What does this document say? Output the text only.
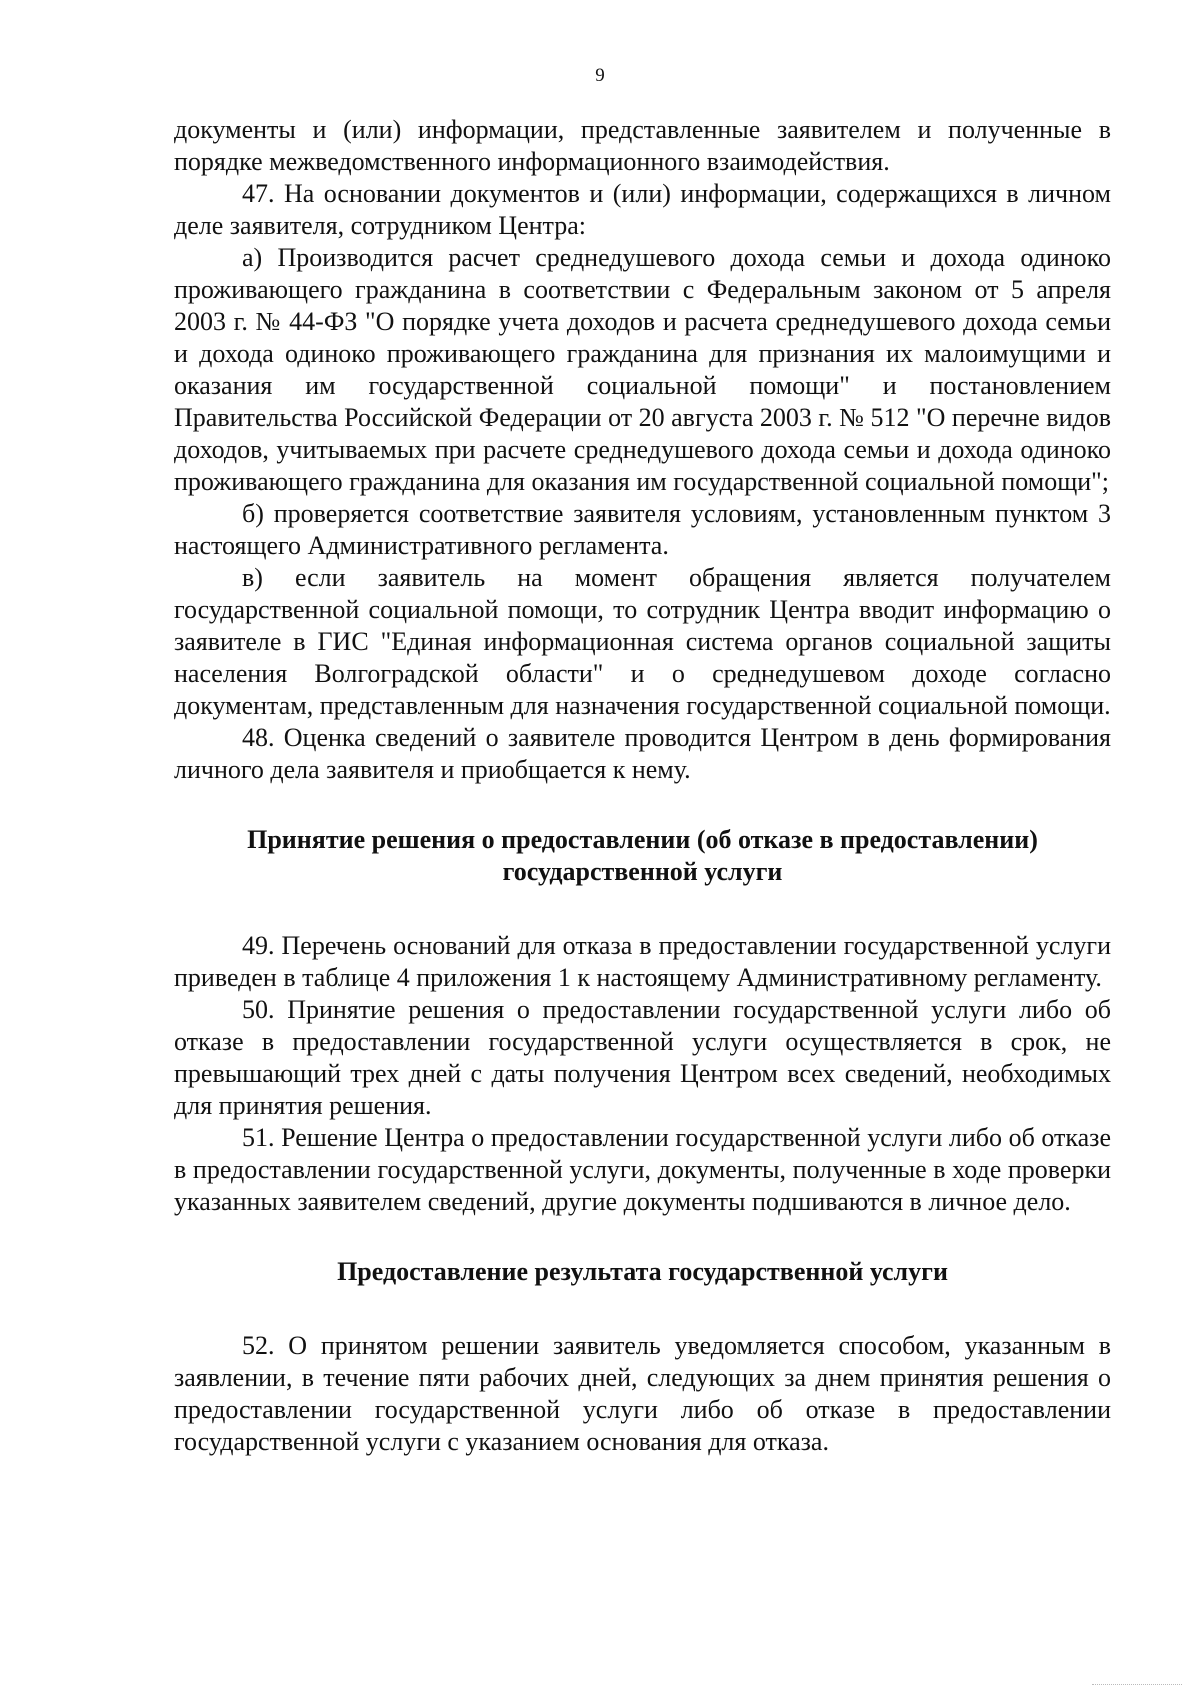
9

документы и (или) информации, представленные заявителем и полученные в порядке межведомственного информационного взаимодействия.

47. На основании документов и (или) информации, содержащихся в личном деле заявителя, сотрудником Центра:

а) Производится расчет среднедушевого дохода семьи и дохода одиноко проживающего гражданина в соответствии с Федеральным законом от 5 апреля 2003 г. № 44-ФЗ "О порядке учета доходов и расчета среднедушевого дохода семьи и дохода одиноко проживающего гражданина для признания их малоимущими и оказания им государственной социальной помощи" и постановлением Правительства Российской Федерации от 20 августа 2003 г. № 512 "О перечне видов доходов, учитываемых при расчете среднедушевого дохода семьи и дохода одиноко проживающего гражданина для оказания им государственной социальной помощи";

б) проверяется соответствие заявителя условиям, установленным пунктом 3 настоящего Административного регламента.

в) если заявитель на момент обращения является получателем государственной социальной помощи, то сотрудник Центра вводит информацию о заявителе в ГИС "Единая информационная система органов социальной защиты населения Волгоградской области" и о среднедушевом доходе согласно документам, представленным для назначения государственной социальной помощи.

48. Оценка сведений о заявителе проводится Центром в день формирования личного дела заявителя и приобщается к нему.

Принятие решения о предоставлении (об отказе в предоставлении)
государственной услуги

49. Перечень оснований для отказа в предоставлении государственной услуги приведен в таблице 4 приложения 1 к настоящему Административному регламенту.

50. Принятие решения о предоставлении государственной услуги либо об отказе в предоставлении государственной услуги осуществляется в срок, не превышающий трех дней с даты получения Центром всех сведений, необходимых для принятия решения.

51. Решение Центра о предоставлении государственной услуги либо об отказе в предоставлении государственной услуги, документы, полученные в ходе проверки указанных заявителем сведений, другие документы подшиваются в личное дело.

Предоставление результата государственной услуги

52. О принятом решении заявитель уведомляется способом, указанным в заявлении, в течение пяти рабочих дней, следующих за днем принятия решения о предоставлении государственной услуги либо об отказе в предоставлении государственной услуги с указанием основания для отказа.
